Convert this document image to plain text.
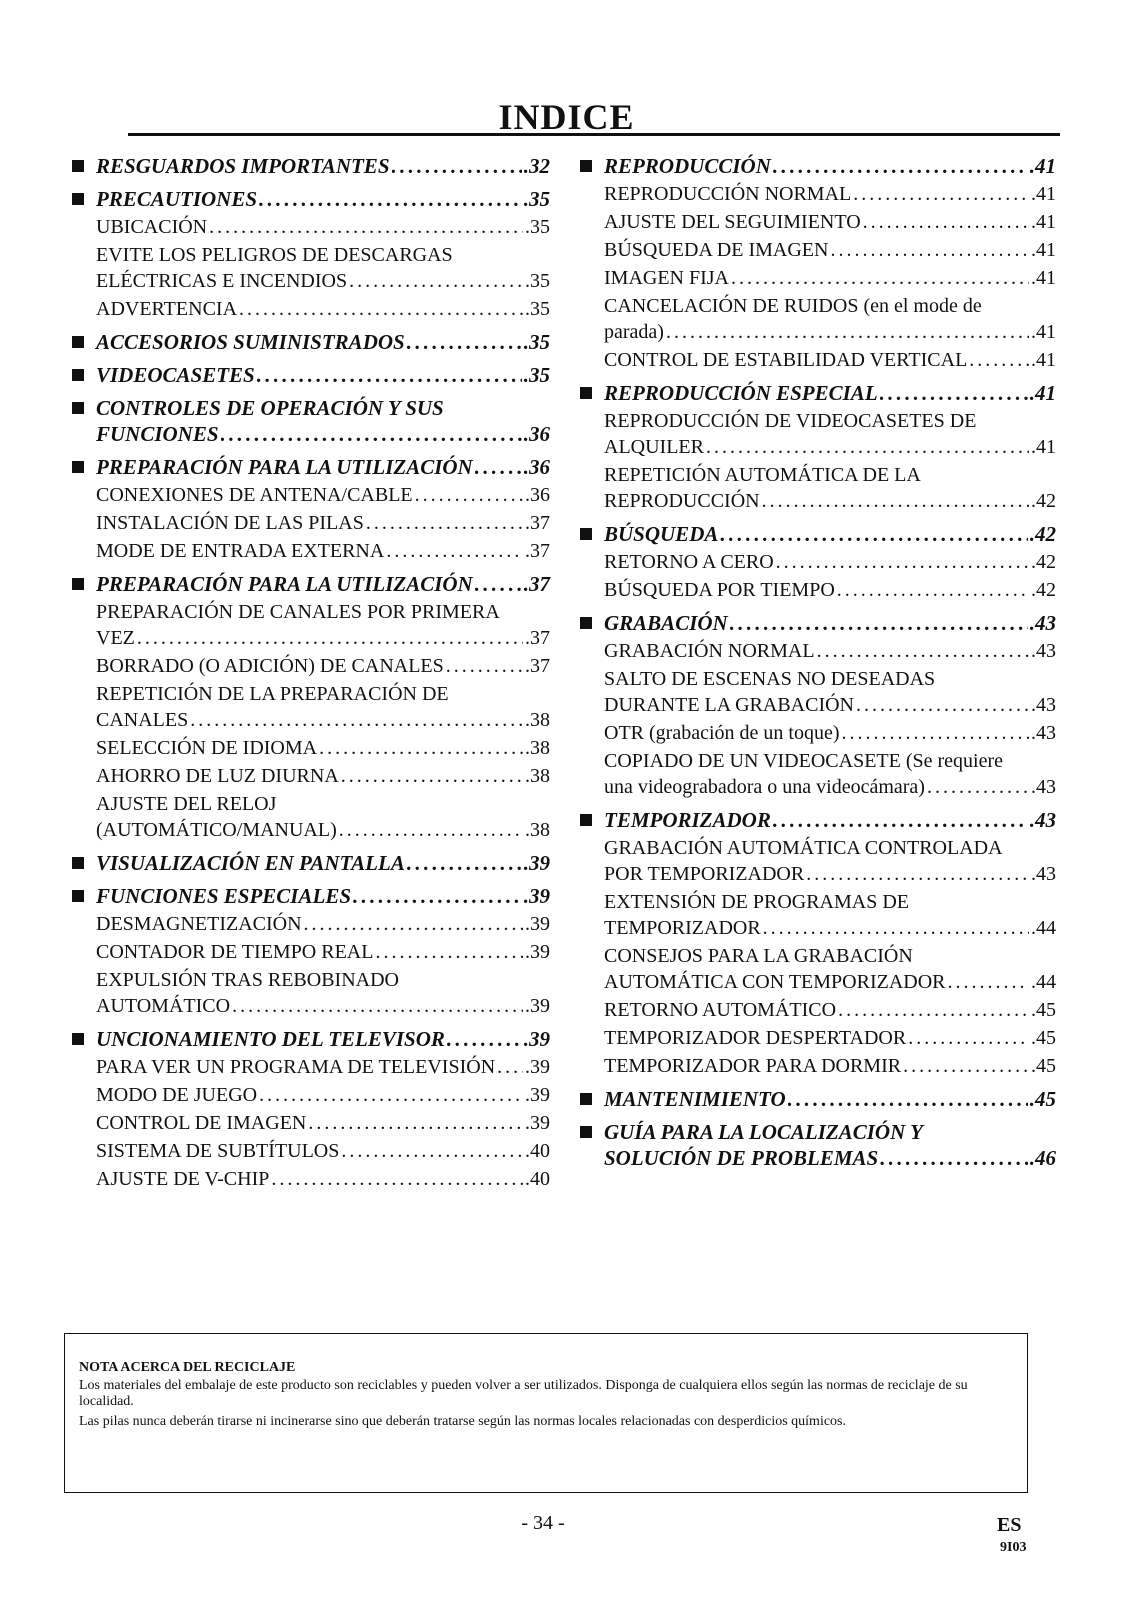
INDICE
RESGUARDOS IMPORTANTES . . .	.32
PRECAUTIONES . . .	.35
UBICACIÓN . . .	.35
EVITE LOS PELIGROS DE DESCARGAS
ELÉCTRICAS E INCENDIOS . . .	.35
ADVERTENCIA . . .	.35
ACCESORIOS SUMINISTRADOS . . .	.35
VIDEOCASETES . . .	.35
CONTROLES DE OPERACIÓN Y SUS
FUNCIONES . . .	.36
PREPARACIÓN PARA LA UTILIZACIÓN . . . .36
CONEXIONES DE ANTENA/CABLE . . .	.36
INSTALACIÓN DE LAS PILAS . . .	.37
MODE DE ENTRADA EXTERNA . . .	.37
PREPARACIÓN PARA LA UTILIZACIÓN . . . .37
PREPARACIÓN DE CANALES POR PRIMERA
VEZ . . .	.37
BORRADO (O ADICIÓN) DE CANALES . . .	.37
REPETICIÓN DE LA PREPARACIÓN DE
CANALES . . .	.38
SELECCIÓN DE IDIOMA . . .	.38
AHORRO DE LUZ DIURNA . . .	.38
AJUSTE DEL RELOJ
(AUTOMÁTICO/MANUAL) . . .	.38
VISUALIZACIÓN EN PANTALLA . . .	.39
FUNCIONES ESPECIALES . . .	.39
DESMAGNETIZACIÓN . . .	.39
CONTADOR DE TIEMPO REAL . . .	.39
EXPULSIÓN TRAS REBOBINADO
AUTOMÁTICO . . .	.39
UNCIONAMIENTO DEL TELEVISOR . . .	.39
PARA VER UN PROGRAMA DE TELEVISIÓN . . . .39
MODO DE JUEGO . . .	.39
CONTROL DE IMAGEN . . .	.39
SISTEMA DE SUBTÍTULOS . . .	.40
AJUSTE DE V-CHIP . . .	.40
REPRODUCCIÓN . . .	.41
REPRODUCCIÓN NORMAL . . .	.41
AJUSTE DEL SEGUIMIENTO . . .	.41
BÚSQUEDA DE IMAGEN . . .	.41
IMAGEN FIJA . . .	.41
CANCELACIÓN DE RUIDOS (en el mode de
parada) . . .	.41
CONTROL DE ESTABILIDAD VERTICAL . . .	.41
REPRODUCCIÓN ESPECIAL . . .	.41
REPRODUCCIÓN DE VIDEOCASETES DE
ALQUILER . . .	.41
REPETICIÓN AUTOMÁTICA DE LA
REPRODUCCIÓN . . .	.42
BÚSQUEDA . . .	.42
RETORNO A CERO . . .	.42
BÚSQUEDA POR TIEMPO . . .	.42
GRABACIÓN . . .	.43
GRABACIÓN NORMAL . . .	.43
SALTO DE ESCENAS NO DESEADAS
DURANTE LA GRABACIÓN . . .	.43
OTR (grabación de un toque) . . .	.43
COPIADO DE UN VIDEOCASETE (Se requiere
una videograbadora o una videocámara) . . .	.43
TEMPORIZADOR . . .	.43
GRABACIÓN AUTOMÁTICA CONTROLADA
POR TEMPORIZADOR . . .	.43
EXTENSIÓN DE PROGRAMAS DE
TEMPORIZADOR . . .	.44
CONSEJOS PARA LA GRABACIÓN
AUTOMÁTICA CON TEMPORIZADOR . . .	.44
RETORNO AUTOMÁTICO . . .	.45
TEMPORIZADOR DESPERTADOR . . .	.45
TEMPORIZADOR PARA DORMIR . . .	.45
MANTENIMIENTO . . .	.45
GUÍA PARA LA LOCALIZACIÓN Y
SOLUCIÓN DE PROBLEMAS . . .	.46
NOTA ACERCA DEL RECICLAJE

Los materiales del embalaje de este producto son reciclables y pueden volver a ser utilizados. Disponga de cualquiera ellos según las normas de reciclaje de su localidad.

Las pilas nunca deberán tirarse ni incinerarse sino que deberán tratarse según las normas locales relacionadas con desperdicios químicos.

- 34 -	ES
9I03
